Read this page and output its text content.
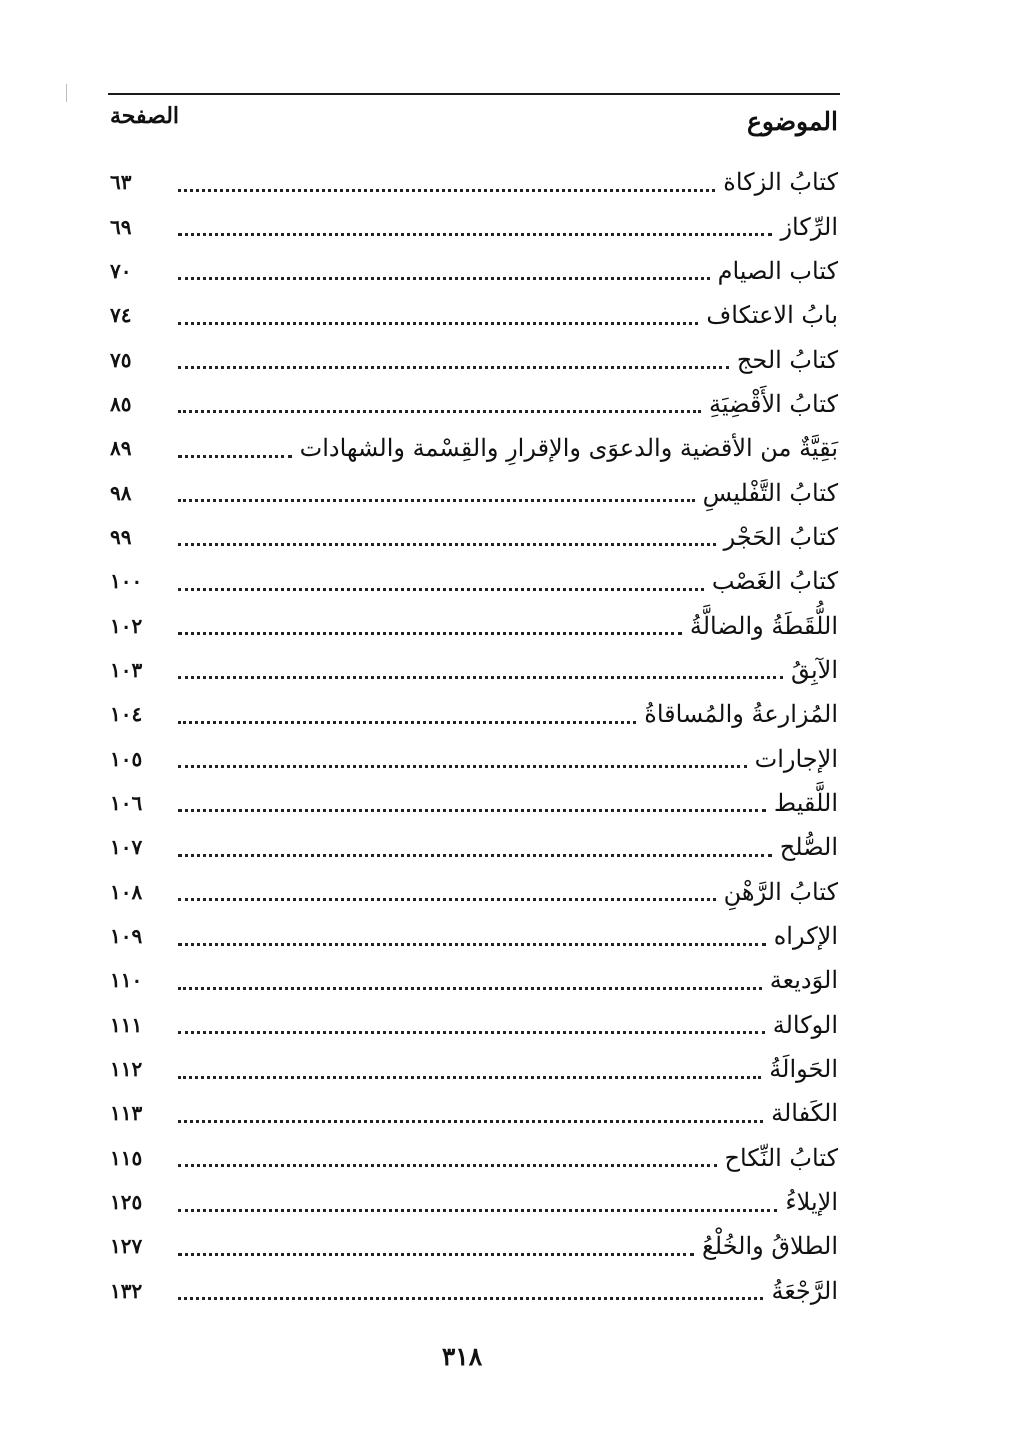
الموضوع
الصفحة
كتابُ الزكاة
٦٣
الرِّكاز
٦٩
كتاب الصيام
٧٠
بابُ الاعتكاف
٧٤
كتابُ الحج
٧٥
كتابُ الأَقْضِيَةِ
٨٥
بَقِيَّةٌ من الأقضية والدعوَى والإقرارِ والقِسْمة والشهادات
٨٩
كتابُ التَّفْليسِ
٩٨
كتابُ الحَجْر
٩٩
كتابُ الغَصْب
١٠٠
اللُّقَطَةُ والضالَّةُ
١٠٢
الآبِقُ
١٠٣
المُزارعةُ والمُساقاةُ
١٠٤
الإجارات
١٠٥
اللَّقيط
١٠٦
الصُّلح
١٠٧
كتابُ الرَّهْنِ
١٠٨
الإكراه
١٠٩
الوَديعة
١١٠
الوكالة
١١١
الحَوالَةُ
١١٢
الكَفالة
١١٣
كتابُ النِّكاح
١١٥
الإيلاءُ
١٢٥
الطلاقُ والخُلْعُ
١٢٧
الرَّجْعَةُ
١٣٢
٣١٨
